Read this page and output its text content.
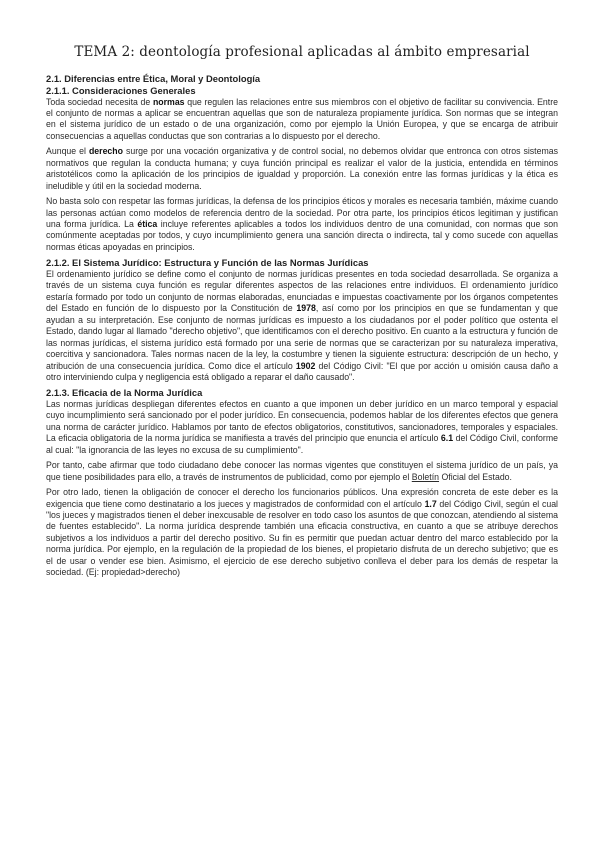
TEMA 2: deontología profesional aplicadas al ámbito empresarial
2.1. Diferencias entre Ética, Moral y Deontología
2.1.1. Consideraciones Generales

Toda sociedad necesita de normas que regulen las relaciones entre sus miembros con el objetivo de facilitar su convivencia. Entre el conjunto de normas a aplicar se encuentran aquellas que son de naturaleza propiamente jurídica. Son normas que se integran en el sistema jurídico de un estado o de una organización, como por ejemplo la Unión Europea, y que se encarga de atribuir consecuencias a aquellas conductas que son contrarias a lo dispuesto por el derecho.

Aunque el derecho surge por una vocación organizativa y de control social, no debemos olvidar que entronca con otros sistemas normativos que regulan la conducta humana; y cuya función principal es realizar el valor de la justicia, entendida en términos aristotélicos como la aplicación de los principios de igualdad y proporción. La conexión entre las formas jurídicas y la ética es ineludible y útil en la sociedad moderna.

No basta solo con respetar las formas jurídicas, la defensa de los principios éticos y morales es necesaria también, máxime cuando las personas actúan como modelos de referencia dentro de la sociedad. Por otra parte, los principios éticos legitiman y justifican una forma jurídica. La ética incluye referentes aplicables a todos los individuos dentro de una comunidad, con normas que son comúnmente aceptadas por todos, y cuyo incumplimiento genera una sanción directa o indirecta, tal y como sucede con aquellas normas éticas apoyadas en principios.

2.1.2. El Sistema Jurídico: Estructura y Función de las Normas Jurídicas

El ordenamiento jurídico se define como el conjunto de normas jurídicas presentes en toda sociedad desarrollada. Se organiza a través de un sistema cuya función es regular diferentes aspectos de las relaciones entre individuos. El ordenamiento jurídico estaría formado por todo un conjunto de normas elaboradas, enunciadas e impuestas coactivamente por los órganos competentes del Estado en función de lo dispuesto por la Constitución de 1978, así como por los principios en que se fundamentan y que ayudan a su interpretación. Ese conjunto de normas jurídicas es impuesto a los ciudadanos por el poder político que ostenta el Estado, dando lugar al llamado "derecho objetivo", que identificamos con el derecho positivo. En cuanto a la estructura y función de las normas jurídicas, el sistema jurídico está formado por una serie de normas que se caracterizan por su naturaleza imperativa, coercitiva y sancionadora. Tales normas nacen de la ley, la costumbre y tienen la siguiente estructura: descripción de un hecho, y atribución de una consecuencia jurídica. Como dice el artículo 1902 del Código Civil: "El que por acción u omisión causa daño a otro interviniendo culpa y negligencia está obligado a reparar el daño causado".

2.1.3. Eficacia de la Norma Jurídica

Las normas jurídicas despliegan diferentes efectos en cuanto a que imponen un deber jurídico en un marco temporal y espacial cuyo incumplimiento será sancionado por el poder jurídico. En consecuencia, podemos hablar de los diferentes efectos que genera una norma de carácter jurídico. Hablamos por tanto de efectos obligatorios, constitutivos, sancionadores, temporales y espaciales. La eficacia obligatoria de la norma jurídica se manifiesta a través del principio que enuncia el artículo 6.1 del Código Civil, conforme al cual: "la ignorancia de las leyes no excusa de su cumplimiento".

Por tanto, cabe afirmar que todo ciudadano debe conocer las normas vigentes que constituyen el sistema jurídico de un país, ya que tiene posibilidades para ello, a través de instrumentos de publicidad, como por ejemplo el Boletín Oficial del Estado.

Por otro lado, tienen la obligación de conocer el derecho los funcionarios públicos. Una expresión concreta de este deber es la exigencia que tiene como destinatario a los jueces y magistrados de conformidad con el artículo 1.7 del Código Civil, según el cual "los jueces y magistrados tienen el deber inexcusable de resolver en todo caso los asuntos de que conozcan, atendiendo al sistema de fuentes establecido". La norma jurídica desprende también una eficacia constructiva, en cuanto a que se atribuye derechos subjetivos a los individuos a partir del derecho positivo. Su fin es permitir que puedan actuar dentro del marco establecido por la norma jurídica. Por ejemplo, en la regulación de la propiedad de los bienes, el propietario disfruta de un derecho subjetivo; que es el de usar o vender ese bien. Asimismo, el ejercicio de ese derecho subjetivo conlleva el deber para los demás de respetar la sociedad. (Ej: propiedad>derecho)
